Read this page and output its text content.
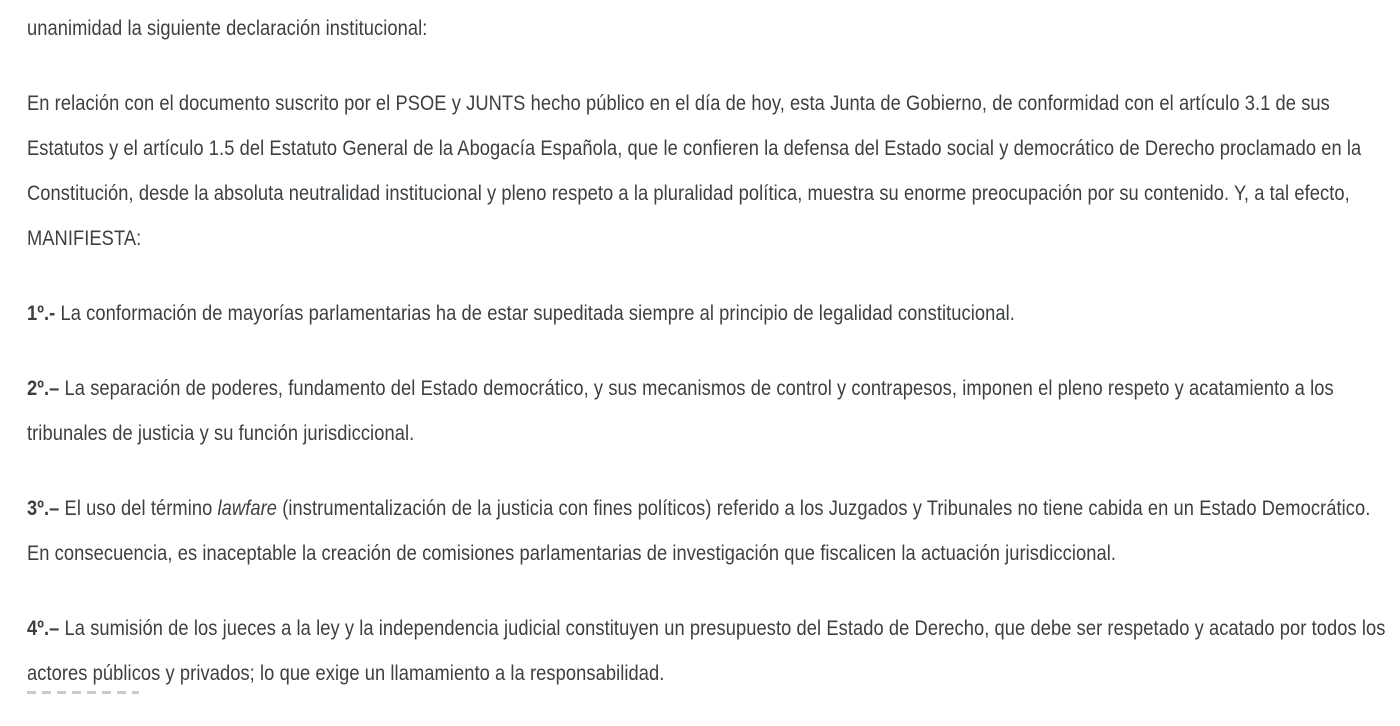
unanimidad la siguiente declaración institucional:

En relación con el documento suscrito por el PSOE y JUNTS hecho público en el día de hoy, esta Junta de Gobierno, de conformidad con el artículo 3.1 de sus Estatutos y el artículo 1.5 del Estatuto General de la Abogacía Española, que le confieren la defensa del Estado social y democrático de Derecho proclamado en la Constitución, desde la absoluta neutralidad institucional y pleno respeto a la pluralidad política, muestra su enorme preocupación por su contenido. Y, a tal efecto, MANIFIESTA:

1º.- La conformación de mayorías parlamentarias ha de estar supeditada siempre al principio de legalidad constitucional.

2º.– La separación de poderes, fundamento del Estado democrático, y sus mecanismos de control y contrapesos, imponen el pleno respeto y acatamiento a los tribunales de justicia y su función jurisdiccional.

3º.– El uso del término lawfare (instrumentalización de la justicia con fines políticos) referido a los Juzgados y Tribunales no tiene cabida en un Estado Democrático. En consecuencia, es inaceptable la creación de comisiones parlamentarias de investigación que fiscalicen la actuación jurisdiccional.

4º.– La sumisión de los jueces a la ley y la independencia judicial constituyen un presupuesto del Estado de Derecho, que debe ser respetado y acatado por todos los actores públicos y privados; lo que exige un llamamiento a la responsabilidad.
